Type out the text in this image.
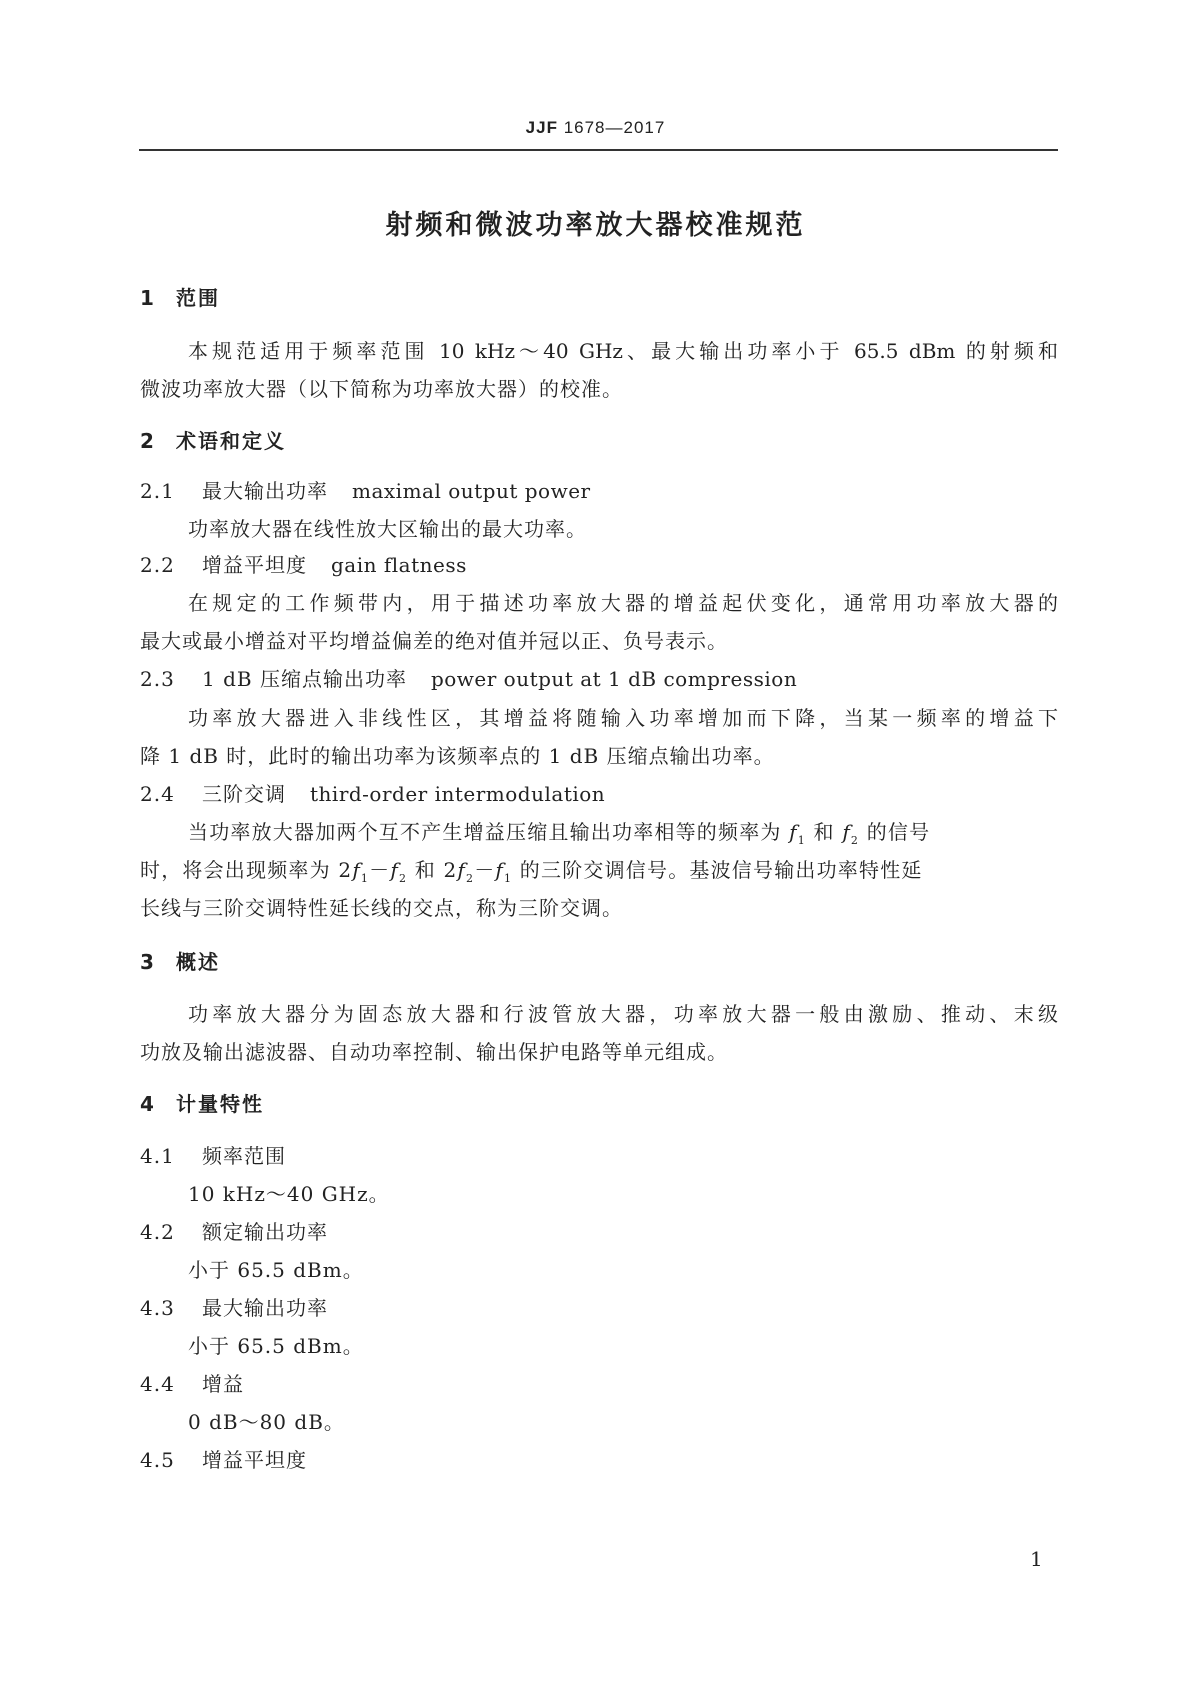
JJF 1678—2017
射频和微波功率放大器校准规范
1 范围
本规范适用于频率范围 10 kHz～40 GHz、最大输出功率小于 65.5 dBm 的射频和
微波功率放大器（以下简称为功率放大器）的校准。
2 术语和定义
2.1 最大输出功率 maximal output power
功率放大器在线性放大区输出的最大功率。
2.2 增益平坦度 gain flatness
在规定的工作频带内，用于描述功率放大器的增益起伏变化，通常用功率放大器的
最大或最小增益对平均增益偏差的绝对值并冠以正、负号表示。
2.3 1 dB 压缩点输出功率 power output at 1 dB compression
功率放大器进入非线性区，其增益将随输入功率增加而下降，当某一频率的增益下
降 1 dB 时，此时的输出功率为该频率点的 1 dB 压缩点输出功率。
2.4 三阶交调 third-order intermodulation
当功率放大器加两个互不产生增益压缩且输出功率相等的频率为 $f_1$ 和 $f_2$ 的信号
时，将会出现频率为 $2f_1-f_2$ 和 $2f_2-f_1$ 的三阶交调信号。基波信号输出功率特性延
长线与三阶交调特性延长线的交点，称为三阶交调。
3 概述
功率放大器分为固态放大器和行波管放大器，功率放大器一般由激励、推动、末级
功放及输出滤波器、自动功率控制、输出保护电路等单元组成。
4 计量特性
4.1 频率范围
10 kHz～40 GHz。
4.2 额定输出功率
小于 65.5 dBm。
4.3 最大输出功率
小于 65.5 dBm。
4.4 增益
0 dB～80 dB。
4.5 增益平坦度
1
